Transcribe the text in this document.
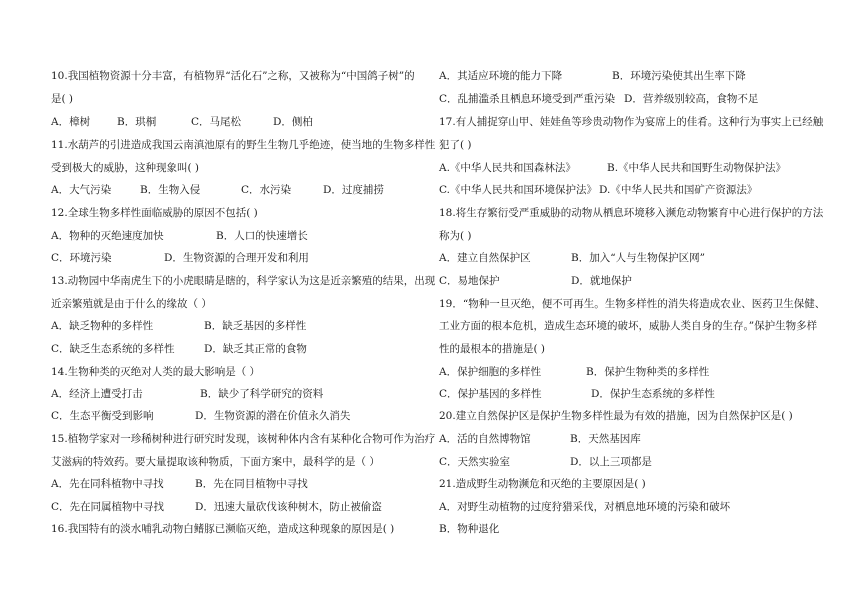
10.我国植物资源十分丰富，有植物界“活化石”之称，又被称为“中国鸽子树”的
是( )
A．樟树	B．珙桐	C．马尾松	D．侧柏
11.水葫芦的引进造成我国云南滇池原有的野生生物几乎绝迹，使当地的生物多样性
受到极大的威胁，这种现象叫( )
A．大气污染	B．生物入侵	C．水污染	D．过度捕捞
12.全球生物多样性面临威胁的原因不包括( )
A．物种的灭绝速度加快	B．人口的快速增长
C．环境污染	D．生物资源的合理开发和利用
13.动物园中华南虎生下的小虎眼睛是瞎的，科学家认为这是近亲繁殖的结果，出现
近亲繁殖就是由于什么的缘故（ ）
A．缺乏物种的多样性	B．缺乏基因的多样性
C．缺乏生态系统的多样性	D．缺乏其正常的食物
14.生物种类的灭绝对人类的最大影响是（ ）
A．经济上遭受打击	B．缺少了科学研究的资料
C．生态平衡受到影响	D．生物资源的潜在价值永久消失
15.植物学家对一珍稀树种进行研究时发现，该树种体内含有某种化合物可作为治疗
艾滋病的特效药。要大量提取该种物质，下面方案中，最科学的是（ ）
A．先在同科植物中寻找	B．先在同目植物中寻找
C．先在同属植物中寻找	D．迅速大量砍伐该种树木，防止被偷盗
16.我国特有的淡水哺乳动物白鳍豚已濒临灭绝，造成这种现象的原因是( )
A．其适应环境的能力下降	B．环境污染使其出生率下降
C．乱捕滥杀且栖息环境受到严重污染 D．营养级别较高，食物不足
17.有人捕捉穿山甲、娃娃鱼等珍贵动物作为宴席上的佳肴。这种行为事实上已经触
犯了( )
A.《中华人民共和国森林法》	B.《中华人民共和国野生动物保护法》
C.《中华人民共和国环境保护法》 D.《中华人民共和国矿产资源法》
18.将生存繁衍受严重威胁的动物从栖息环境移入濒危动物繁育中心进行保护的方法
称为( )
A．建立自然保护区	B．加入“人与生物保护区网”
C．易地保护	D．就地保护
19．“物种一旦灭绝，便不可再生。生物多样性的消失将造成农业、医药卫生保健、
工业方面的根本危机，造成生态环境的破坏，威胁人类自身的生存。”保护生物多样
性的最根本的措施是( )
A．保护细胞的多样性	B．保护生物种类的多样性
C．保护基因的多样性	D．保护生态系统的多样性
20.建立自然保护区是保护生物多样性最为有效的措施，因为自然保护区是( )
A．活的自然博物馆	B．天然基因库
C．天然实验室	D．以上三项都是
21.造成野生动物濒危和灭绝的主要原因是( )
A．对野生动植物的过度狩猎采伐，对栖息地环境的污染和破坏
B．物种退化
